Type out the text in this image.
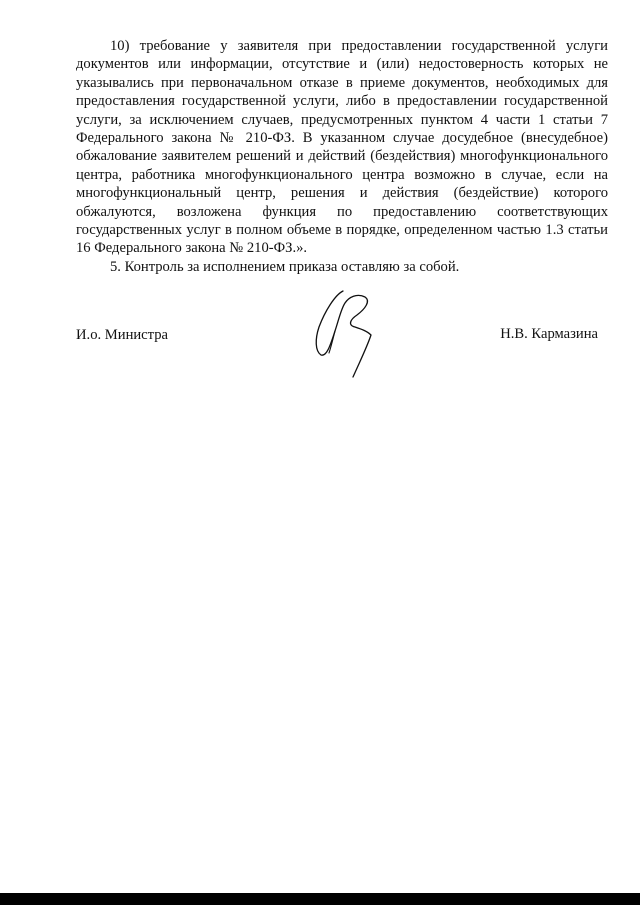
10) требование у заявителя при предоставлении государственной услуги документов или информации, отсутствие и (или) недостоверность которых не указывались при первоначальном отказе в приеме документов, необходимых для предоставления государственной услуги, либо в предоставлении государственной услуги, за исключением случаев, предусмотренных пунктом 4 части 1 статьи 7 Федерального закона № 210-ФЗ. В указанном случае досудебное (внесудебное) обжалование заявителем решений и действий (бездействия) многофункционального центра, работника многофункционального центра возможно в случае, если на многофункциональный центр, решения и действия (бездействие) которого обжалуются, возложена функция по предоставлению соответствующих государственных услуг в полном объеме в порядке, определенном частью 1.3 статьи 16 Федерального закона № 210-ФЗ.».

5. Контроль за исполнением приказа оставляю за собой.

И.о. Министра	Н.В. Кармазина
